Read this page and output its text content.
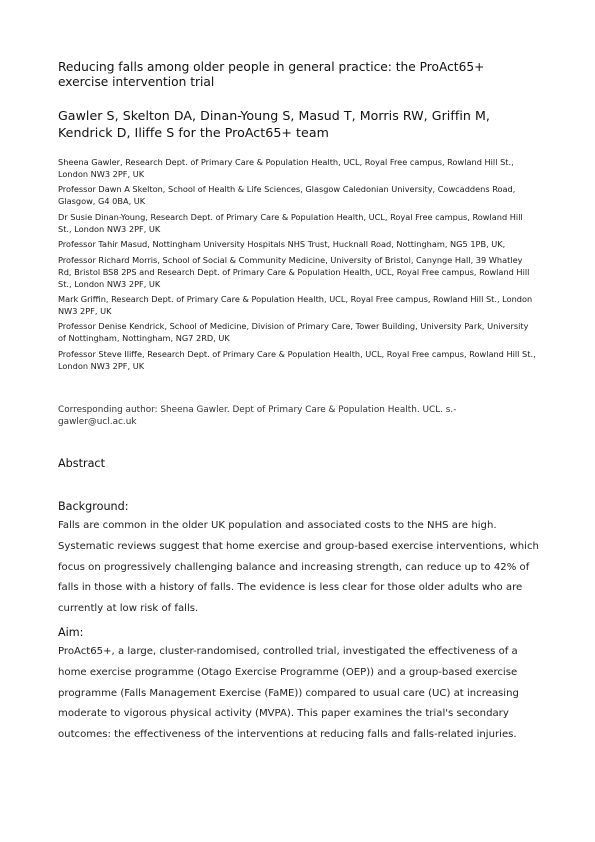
Reducing falls among older people in general practice: the ProAct65+ exercise intervention trial
Gawler S, Skelton DA, Dinan-Young S, Masud T, Morris RW, Griffin M, Kendrick D, Iliffe S for the ProAct65+ team

Sheena Gawler, Research Dept. of Primary Care & Population Health, UCL, Royal Free campus, Rowland Hill St., London NW3 2PF, UK

Professor Dawn A Skelton, School of Health & Life Sciences, Glasgow Caledonian University, Cowcaddens Road, Glasgow, G4 0BA, UK

Dr Susie Dinan-Young, Research Dept. of Primary Care & Population Health, UCL, Royal Free campus, Rowland Hill St., London NW3 2PF, UK

Professor Tahir Masud, Nottingham University Hospitals NHS Trust, Hucknall Road, Nottingham, NG5 1PB, UK,

Professor Richard Morris, School of Social & Community Medicine, University of Bristol, Canynge Hall, 39 Whatley Rd, Bristol BS8 2PS and Research Dept. of Primary Care & Population Health, UCL, Royal Free campus, Rowland Hill St., London NW3 2PF, UK

Mark Griffin, Research Dept. of Primary Care & Population Health, UCL, Royal Free campus, Rowland Hill St., London NW3 2PF, UK

Professor Denise Kendrick, School of Medicine, Division of Primary Care, Tower Building, University Park, University of Nottingham, Nottingham, NG7 2RD, UK

Professor Steve Iliffe, Research Dept. of Primary Care & Population Health, UCL, Royal Free campus, Rowland Hill St., London NW3 2PF, UK

Corresponding author: Sheena Gawler. Dept of Primary Care & Population Health. UCL. s.-gawler@ucl.ac.uk
Abstract
Background:
Falls are common in the older UK population and associated costs to the NHS are high. Systematic reviews suggest that home exercise and group-based exercise interventions, which focus on progressively challenging balance and increasing strength, can reduce up to 42% of falls in those with a history of falls. The evidence is less clear for those older adults who are currently at low risk of falls.
Aim:
ProAct65+, a large, cluster-randomised, controlled trial, investigated the effectiveness of a home exercise programme (Otago Exercise Programme (OEP)) and a group-based exercise programme (Falls Management Exercise (FaME)) compared to usual care (UC) at increasing moderate to vigorous physical activity (MVPA). This paper examines the trial's secondary outcomes: the effectiveness of the interventions at reducing falls and falls-related injuries.
